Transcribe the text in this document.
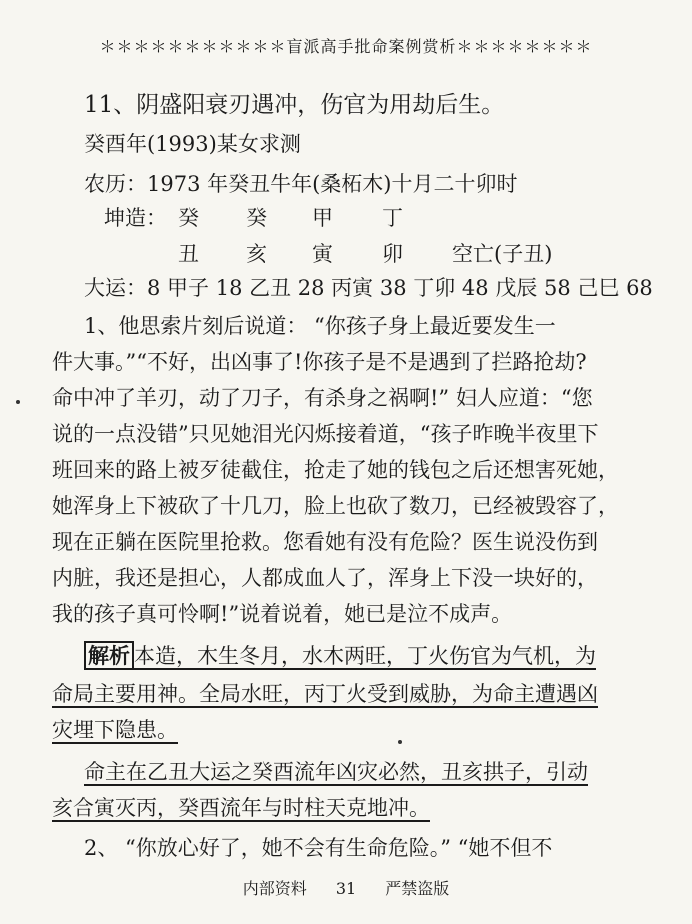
＊＊＊＊＊＊＊＊＊＊＊盲派高手批命案例赏析＊＊＊＊＊＊＊＊
11、阴盛阳衰刃遇冲，伤官为用劫后生。
癸酉年(1993)某女求测
农历：1973 年癸丑牛年(桑柘木)十月二十卯时
坤造： 癸 癸 甲 丁
丑 亥 寅 卯 空亡(子丑)
大运：8 甲子 18 乙丑 28 丙寅 38 丁卯 48 戊辰 58 己巳 68
1、他思索片刻后说道： “你孩子身上最近要发生一
件大事。”“不好，出凶事了!你孩子是不是遇到了拦路抢劫?
命中冲了羊刃，动了刀子，有杀身之祸啊!” 妇人应道：“您
说的一点没错”只见她泪光闪烁接着道，“孩子昨晚半夜里下
班回来的路上被歹徒截住，抢走了她的钱包之后还想害死她，
她浑身上下被砍了十几刀，脸上也砍了数刀，已经被毁容了，
现在正躺在医院里抢救。您看她有没有危险？医生说没伤到
内脏，我还是担心，人都成血人了，浑身上下没一块好的，
我的孩子真可怜啊!”说着说着，她已是泣不成声。
解析 本造，木生冬月，水木两旺，丁火伤官为气机，为
命局主要用神。全局水旺，丙丁火受到威胁，为命主遭遇凶
灾埋下隐患。
命主在乙丑大运之癸酉流年凶灾必然，丑亥拱子，引动
亥合寅灭丙，癸酉流年与时柱天克地冲。
2、 “你放心好了，她不会有生命危险。” “她不但不
内部资料 31 严禁盗版
